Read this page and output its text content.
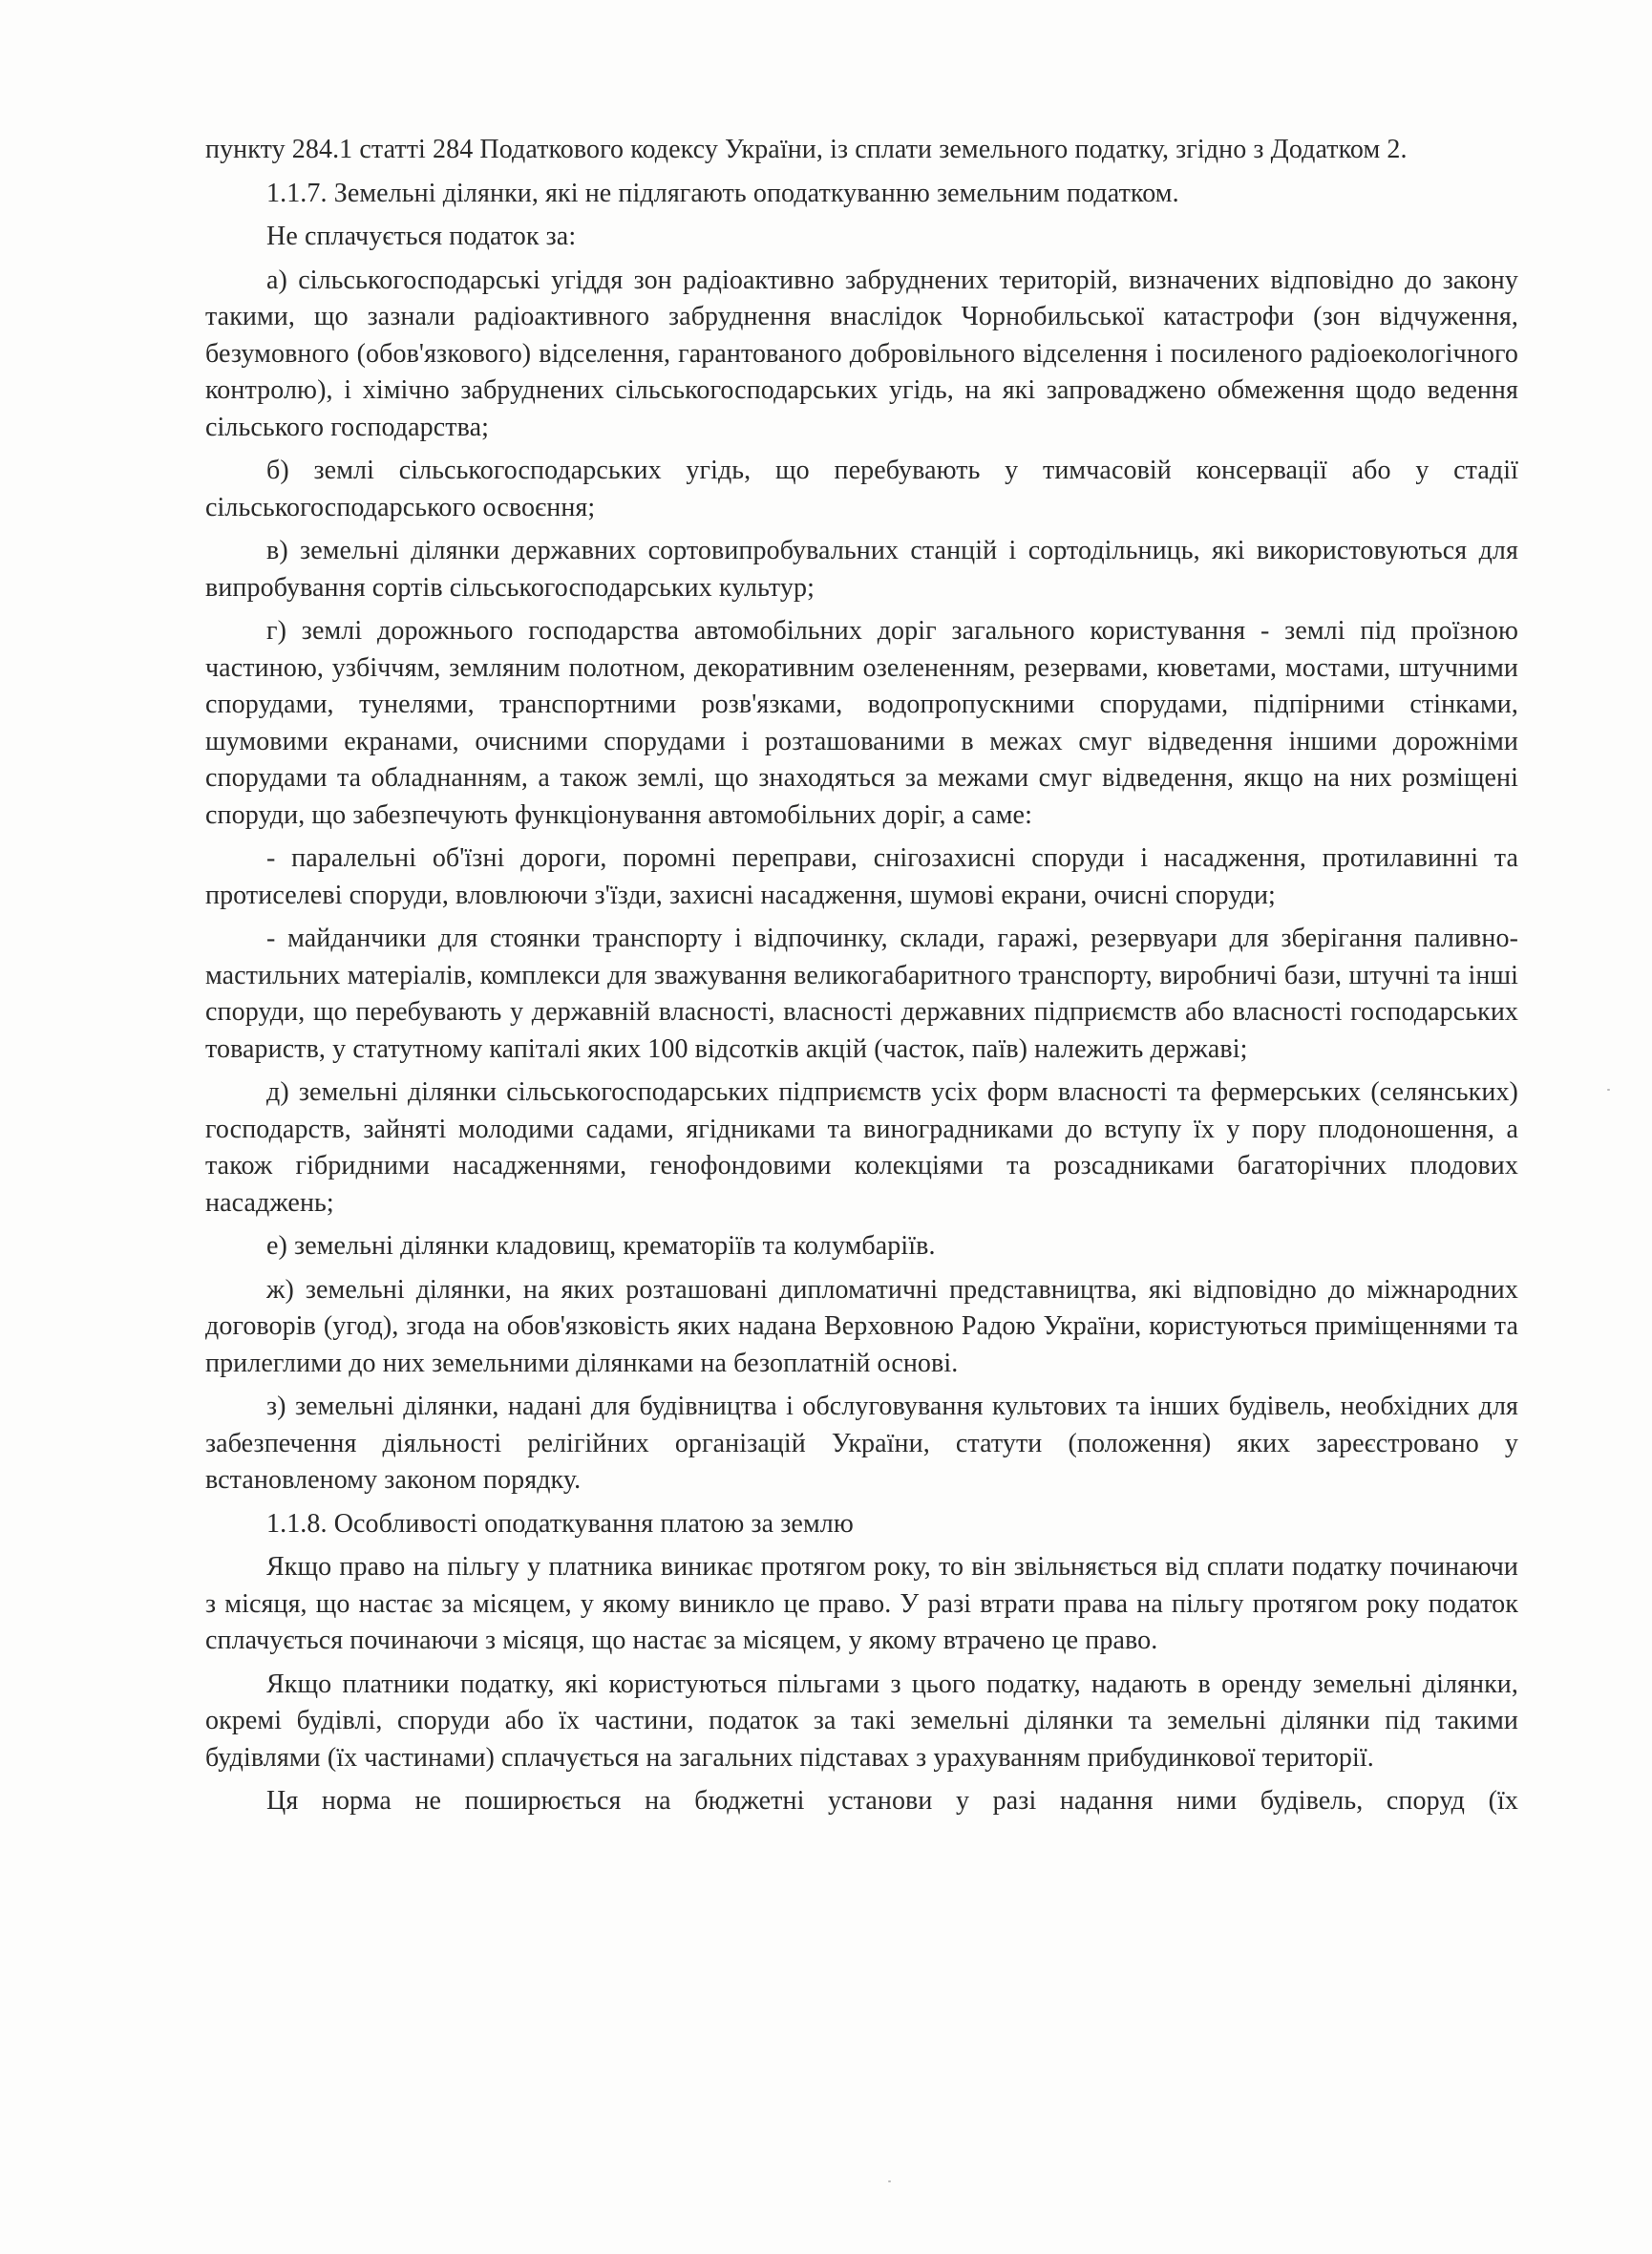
пункту 284.1 статті 284 Податкового кодексу України, із сплати земельного податку, згідно з Додатком 2.

1.1.7. Земельні ділянки, які не підлягають оподаткуванню земельним податком.

Не сплачується податок за:

а) сільськогосподарські угіддя зон радіоактивно забруднених територій, визначених відповідно до закону такими, що зазнали радіоактивного забруднення внаслідок Чорнобильської катастрофи (зон відчуження, безумовного (обов'язкового) відселення, гарантованого добровільного відселення і посиленого радіоекологічного контролю), і хімічно забруднених сільськогосподарських угідь, на які запроваджено обмеження щодо ведення сільського господарства;

б) землі сільськогосподарських угідь, що перебувають у тимчасовій консервації або у стадії сільськогосподарського освоєння;

в) земельні ділянки державних сортовипробувальних станцій і сортодільниць, які використовуються для випробування сортів сільськогосподарських культур;

г) землі дорожнього господарства автомобільних доріг загального користування - землі під проїзною частиною, узбіччям, земляним полотном, декоративним озелененням, резервами, кюветами, мостами, штучними спорудами, тунелями, транспортними розв'язками, водопропускними спорудами, підпірними стінками, шумовими екранами, очисними спорудами і розташованими в межах смуг відведення іншими дорожніми спорудами та обладнанням, а також землі, що знаходяться за межами смуг відведення, якщо на них розміщені споруди, що забезпечують функціонування автомобільних доріг, а саме:

- паралельні об'їзні дороги, поромні переправи, снігозахисні споруди і насадження, протилавинні та протиселеві споруди, вловлюючи з'їзди, захисні насадження, шумові екрани, очисні споруди;

- майданчики для стоянки транспорту і відпочинку, склади, гаражі, резервуари для зберігання паливно-мастильних матеріалів, комплекси для зважування великогабаритного транспорту, виробничі бази, штучні та інші споруди, що перебувають у державній власності, власності державних підприємств або власності господарських товариств, у статутному капіталі яких 100 відсотків акцій (часток, паїв) належить державі;

д) земельні ділянки сільськогосподарських підприємств усіх форм власності та фермерських (селянських) господарств, зайняті молодими садами, ягідниками та виноградниками до вступу їх у пору плодоношення, а також гібридними насадженнями, генофондовими колекціями та розсадниками багаторічних плодових насаджень;

е) земельні ділянки кладовищ, крематоріїв та колумбаріїв.

ж) земельні ділянки, на яких розташовані дипломатичні представництва, які відповідно до міжнародних договорів (угод), згода на обов'язковість яких надана Верховною Радою України, користуються приміщеннями та прилеглими до них земельними ділянками на безоплатній основі.

з) земельні ділянки, надані для будівництва і обслуговування культових та інших будівель, необхідних для забезпечення діяльності релігійних організацій України, статути (положення) яких зареєстровано у встановленому законом порядку.

1.1.8. Особливості оподаткування платою за землю

Якщо право на пільгу у платника виникає протягом року, то він звільняється від сплати податку починаючи з місяця, що настає за місяцем, у якому виникло це право. У разі втрати права на пільгу протягом року податок сплачується починаючи з місяця, що настає за місяцем, у якому втрачено це право.

Якщо платники податку, які користуються пільгами з цього податку, надають в оренду земельні ділянки, окремі будівлі, споруди або їх частини, податок за такі земельні ділянки та земельні ділянки під такими будівлями (їх частинами) сплачується на загальних підставах з урахуванням прибудинкової території.

Ця норма не поширюється на бюджетні установи у разі надання ними будівель, споруд (їх
